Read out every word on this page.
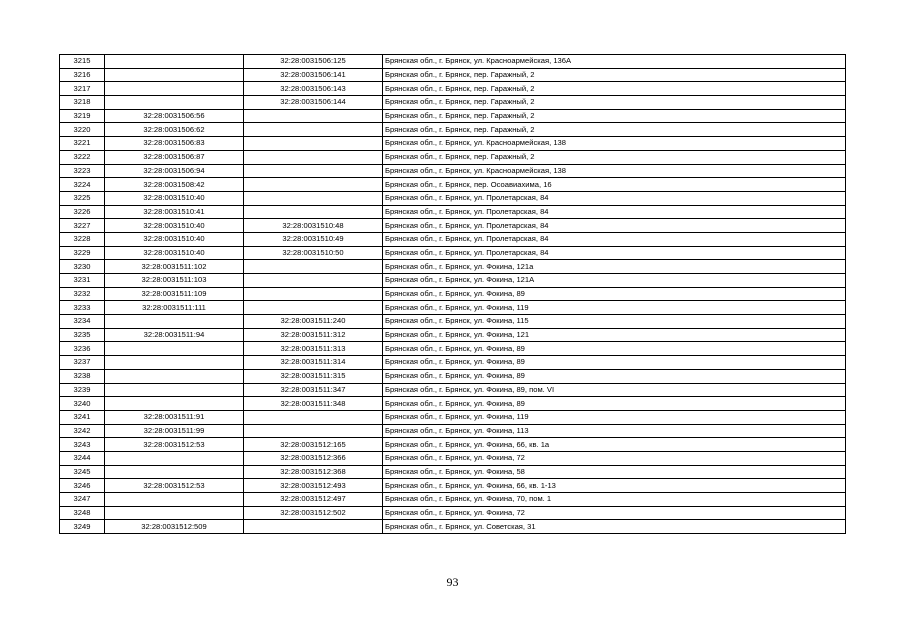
3215		32:28:0031506:125	Брянская обл., г. Брянск, ул. Красноармейская, 136А
3216		32:28:0031506:141	Брянская обл., г. Брянск, пер. Гаражный, 2
3217		32:28:0031506:143	Брянская обл., г. Брянск, пер. Гаражный, 2
3218		32:28:0031506:144	Брянская обл., г. Брянск, пер. Гаражный, 2
3219	32:28:0031506:56		Брянская обл., г. Брянск, пер. Гаражный, 2
3220	32:28:0031506:62		Брянская обл., г. Брянск, пер. Гаражный, 2
3221	32:28:0031506:83		Брянская обл., г. Брянск, ул. Красноармейская, 138
3222	32:28:0031506:87		Брянская обл., г. Брянск, пер. Гаражный, 2
3223	32:28:0031506:94		Брянская обл., г. Брянск, ул. Красноармейская, 138
3224	32:28:0031508:42		Брянская обл., г. Брянск, пер. Осоавиахима, 16
3225	32:28:0031510:40		Брянская обл., г. Брянск, ул. Пролетарская, 84
3226	32:28:0031510:41		Брянская обл., г. Брянск, ул. Пролетарская, 84
3227	32:28:0031510:40	32:28:0031510:48	Брянская обл., г. Брянск, ул. Пролетарская, 84
3228	32:28:0031510:40	32:28:0031510:49	Брянская обл., г. Брянск, ул. Пролетарская, 84
3229	32:28:0031510:40	32:28:0031510:50	Брянская обл., г. Брянск, ул. Пролетарская, 84
3230	32:28:0031511:102		Брянская обл., г. Брянск, ул. Фокина, 121а
3231	32:28:0031511:103		Брянская обл., г. Брянск, ул. Фокина, 121А
3232	32:28:0031511:109		Брянская обл., г. Брянск, ул. Фокина, 89
3233	32:28:0031511:111		Брянская обл., г. Брянск, ул. Фокина, 119
3234		32:28:0031511:240	Брянская обл., г. Брянск, ул. Фокина, 115
3235	32:28:0031511:94	32:28:0031511:312	Брянская обл., г. Брянск, ул. Фокина, 121
3236		32:28:0031511:313	Брянская обл., г. Брянск, ул. Фокина, 89
3237		32:28:0031511:314	Брянская обл., г. Брянск, ул. Фокина, 89
3238		32:28:0031511:315	Брянская обл., г. Брянск, ул. Фокина, 89
3239		32:28:0031511:347	Брянская обл., г. Брянск, ул. Фокина, 89, пом. VI
3240		32:28:0031511:348	Брянская обл., г. Брянск, ул. Фокина, 89
3241	32:28:0031511:91		Брянская обл., г. Брянск, ул. Фокина, 119
3242	32:28:0031511:99		Брянская обл., г. Брянск, ул. Фокина, 113
3243	32:28:0031512:53	32:28:0031512:165	Брянская обл., г. Брянск, ул. Фокина, 66, кв. 1а
3244		32:28:0031512:366	Брянская обл., г. Брянск, ул. Фокина, 72
3245		32:28:0031512:368	Брянская обл., г. Брянск, ул. Фокина, 58
3246	32:28:0031512:53	32:28:0031512:493	Брянская обл., г. Брянск, ул. Фокина, 66, кв. 1-13
3247		32:28:0031512:497	Брянская обл., г. Брянск, ул. Фокина, 70, пом. 1
3248		32:28:0031512:502	Брянская обл., г. Брянск, ул. Фокина, 72
3249	32:28:0031512:509		Брянская обл., г. Брянск, ул. Советская, 31
93
